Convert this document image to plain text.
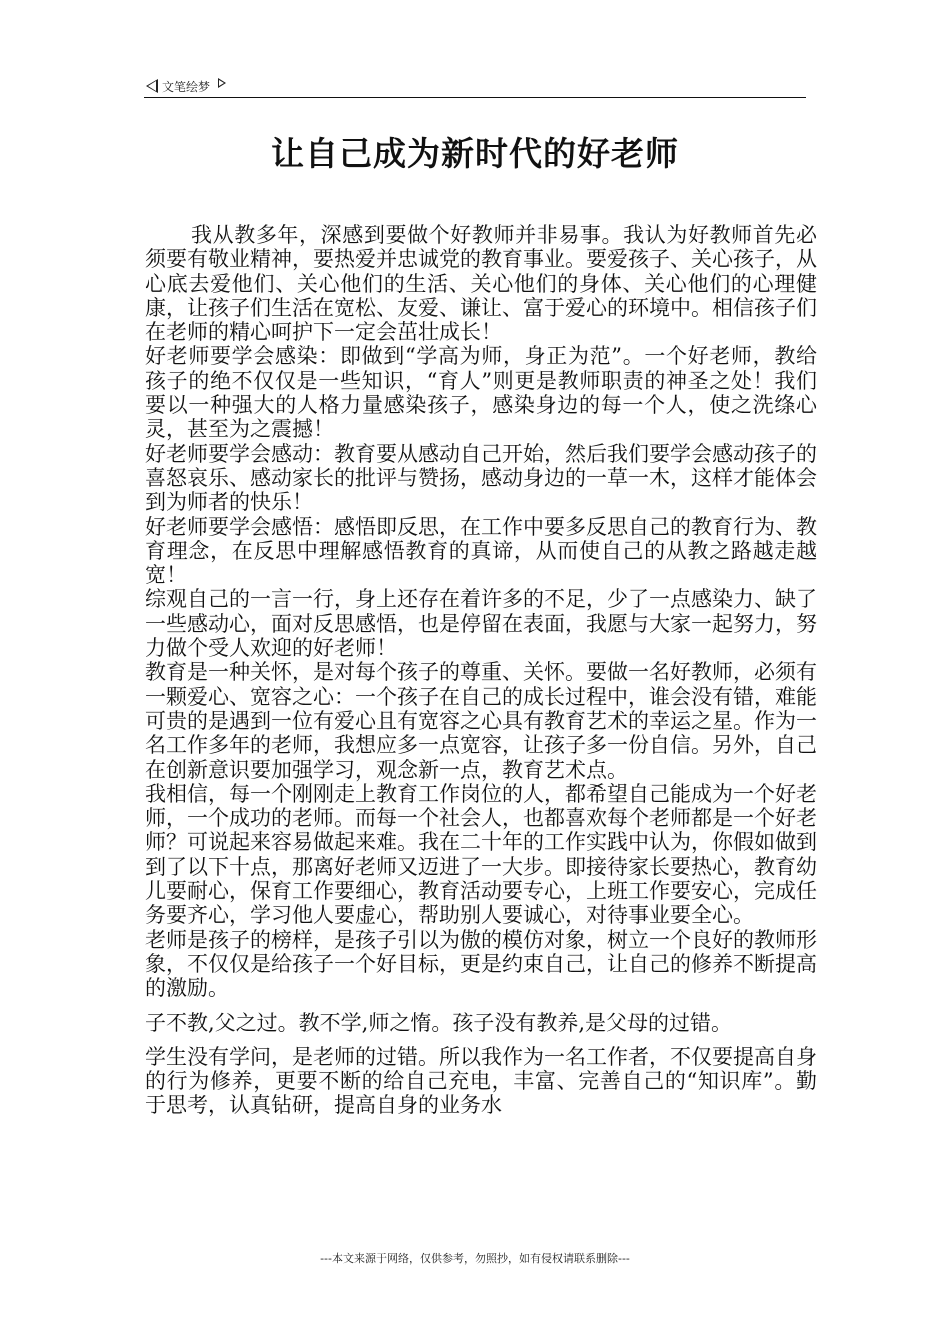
文笔绘梦
让自己成为新时代的好老师

我从教多年，深感到要做个好教师并非易事。我认为好教师首先必须要有敬业精神，要热爱并忠诚党的教育事业。要爱孩子、关心孩子，从心底去爱他们、关心他们的生活、关心他们的身体、关心他们的心理健康，让孩子们生活在宽松、友爱、谦让、富于爱心的环境中。相信孩子们在老师的精心呵护下一定会茁壮成长！

好老师要学会感染：即做到“学高为师，身正为范”。一个好老师，教给孩子的绝不仅仅是一些知识，“育人”则更是教师职责的神圣之处！我们要以一种强大的人格力量感染孩子，感染身边的每一个人，使之洗绦心灵，甚至为之震撼！

好老师要学会感动：教育要从感动自己开始，然后我们要学会感动孩子的喜怒哀乐、感动家长的批评与赞扬，感动身边的一草一木，这样才能体会到为师者的快乐！

好老师要学会感悟：感悟即反思，在工作中要多反思自己的教育行为、教育理念，在反思中理解感悟教育的真谛，从而使自己的从教之路越走越宽！

综观自己的一言一行，身上还存在着许多的不足，少了一点感染力、缺了一些感动心，面对反思感悟，也是停留在表面，我愿与大家一起努力，努力做个受人欢迎的好老师！

教育是一种关怀，是对每个孩子的尊重、关怀。要做一名好教师，必须有一颗爱心、宽容之心：一个孩子在自己的成长过程中，谁会没有错，难能可贵的是遇到一位有爱心且有宽容之心具有教育艺术的幸运之星。作为一名工作多年的老师，我想应多一点宽容，让孩子多一份自信。另外，自己在创新意识要加强学习，观念新一点，教育艺术点。

我相信，每一个刚刚走上教育工作岗位的人，都希望自己能成为一个好老师，一个成功的老师。而每一个社会人，也都喜欢每个老师都是一个好老师？可说起来容易做起来难。我在二十年的工作实践中认为，你假如做到到了以下十点，那离好老师又迈进了一大步。即接待家长要热心，教育幼儿要耐心，保育工作要细心，教育活动要专心，上班工作要安心，完成任务要齐心，学习他人要虚心，帮助别人要诚心，对待事业要全心。

老师是孩子的榜样，是孩子引以为傲的模仿对象，树立一个良好的教师形象，不仅仅是给孩子一个好目标，更是约束自己，让自己的修养不断提高的激励。

子不教,父之过。教不学,师之惰。孩子没有教养,是父母的过错。

学生没有学问，是老师的过错。所以我作为一名工作者，不仅要提高自身的行为修养，更要不断的给自己充电，丰富、完善自己的“知识库”。勤于思考，认真钻研，提高自身的业务水

---本文来源于网络，仅供参考，勿照抄，如有侵权请联系删除---
